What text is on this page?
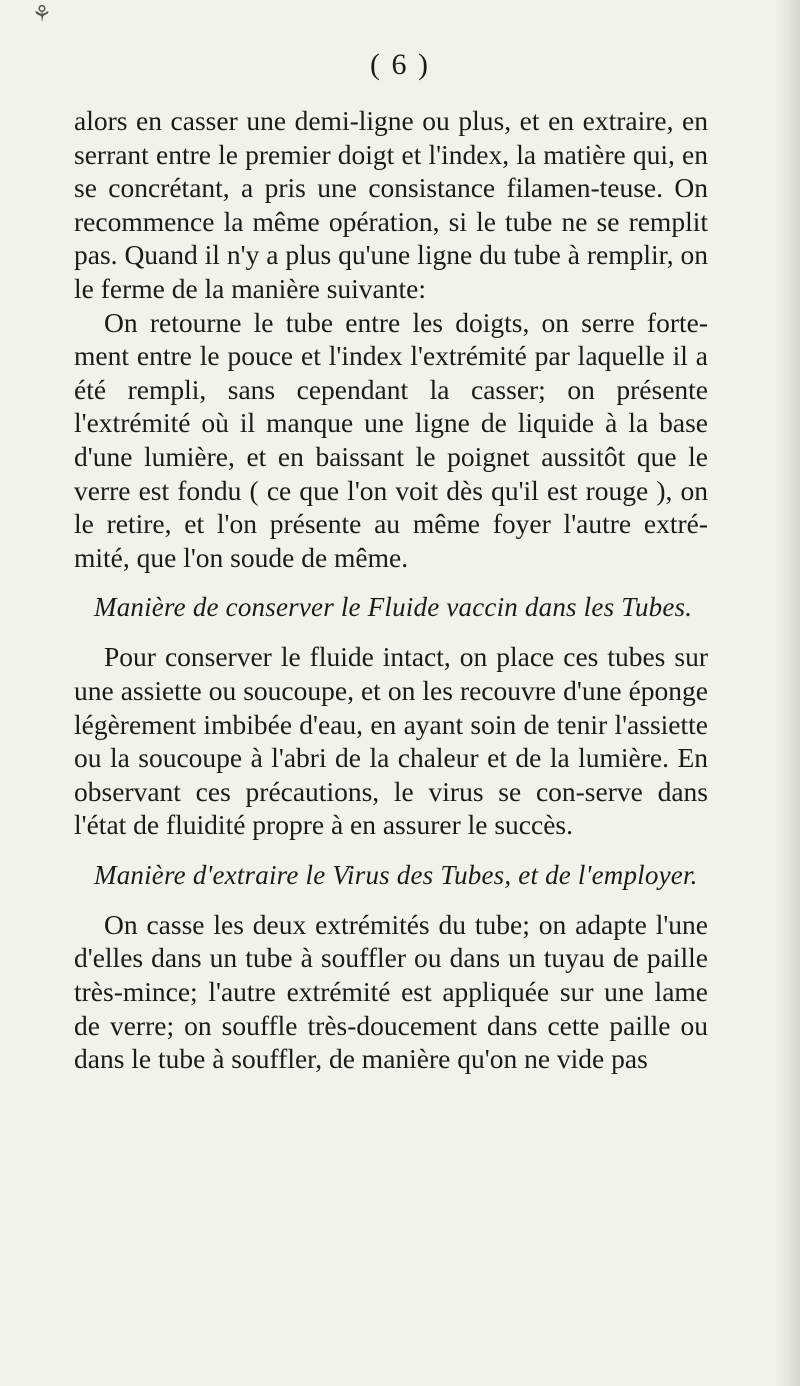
⚘
( 6 )

alors en casser une demi-ligne ou plus, et en extraire, en serrant entre le premier doigt et l'index, la matière qui, en se concrétant, a pris une consistance filamen-teuse. On recommence la même opération, si le tube ne se remplit pas. Quand il n'y a plus qu'une ligne du tube à remplir, on le ferme de la manière suivante:

On retourne le tube entre les doigts, on serre forte-ment entre le pouce et l'index l'extrémité par laquelle il a été rempli, sans cependant la casser; on présente l'extrémité où il manque une ligne de liquide à la base d'une lumière, et en baissant le poignet aussitôt que le verre est fondu ( ce que l'on voit dès qu'il est rouge ), on le retire, et l'on présente au même foyer l'autre extré-mité, que l'on soude de même.

Manière de conserver le Fluide vaccin dans les Tubes.

Pour conserver le fluide intact, on place ces tubes sur une assiette ou soucoupe, et on les recouvre d'une éponge légèrement imbibée d'eau, en ayant soin de tenir l'assiette ou la soucoupe à l'abri de la chaleur et de la lumière. En observant ces précautions, le virus se con-serve dans l'état de fluidité propre à en assurer le succès.

Manière d'extraire le Virus des Tubes, et de l'employer.

On casse les deux extrémités du tube; on adapte l'une d'elles dans un tube à souffler ou dans un tuyau de paille très-mince; l'autre extrémité est appliquée sur une lame de verre; on souffle très-doucement dans cette paille ou dans le tube à souffler, de manière qu'on ne vide pas
